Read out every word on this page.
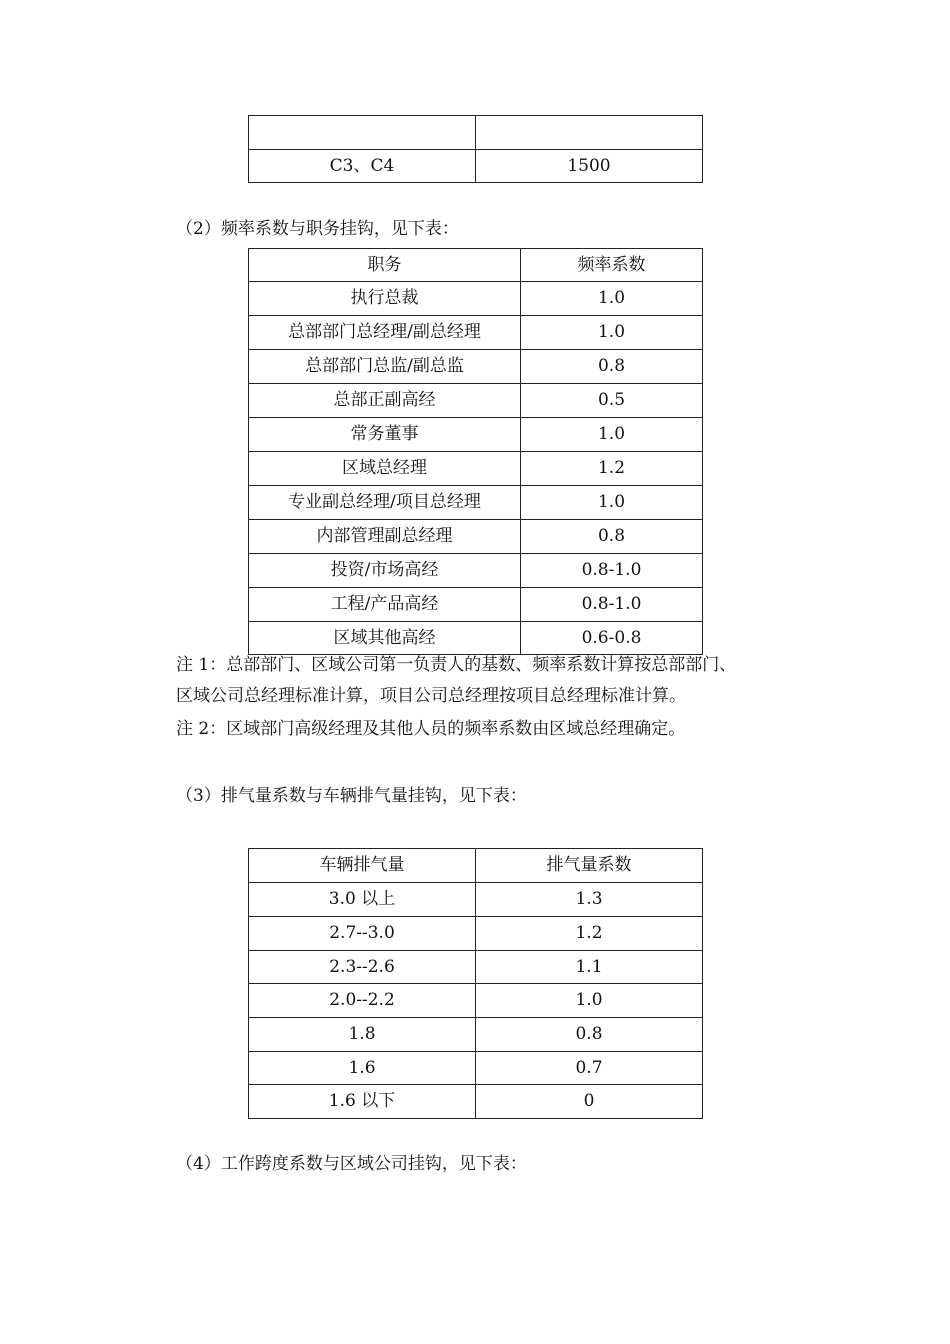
C3、C4	1500
（2）频率系数与职务挂钩，见下表：
职务	频率系数
执行总裁	1.0
总部部门总经理/副总经理	1.0
总部部门总监/副总监	0.8
总部正副高经	0.5
常务董事	1.0
区域总经理	1.2
专业副总经理/项目总经理	1.0
内部管理副总经理	0.8
投资/市场高经	0.8-1.0
工程/产品高经	0.8-1.0
区域其他高经	0.6-0.8
注 1：总部部门、区域公司第一负责人的基数、频率系数计算按总部部门、
区域公司总经理标准计算，项目公司总经理按项目总经理标准计算。
注 2：区域部门高级经理及其他人员的频率系数由区域总经理确定。
（3）排气量系数与车辆排气量挂钩，见下表：
车辆排气量	排气量系数
3.0 以上	1.3
2.7--3.0	1.2
2.3--2.6	1.1
2.0--2.2	1.0
1.8	0.8
1.6	0.7
1.6 以下	0
（4）工作跨度系数与区域公司挂钩，见下表：
